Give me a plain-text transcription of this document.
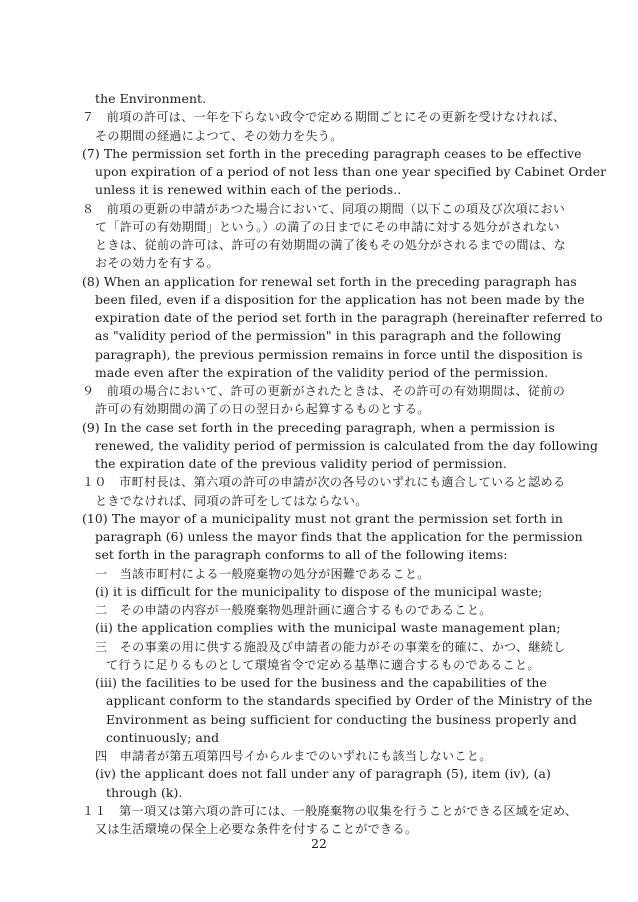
the Environment.
７　前項の許可は、一年を下らない政令で定める期間ごとにその更新を受けなければ、
その期間の経過によつて、その効力を失う。
(7) The permission set forth in the preceding paragraph ceases to be effective
upon expiration of a period of not less than one year specified by Cabinet Order
unless it is renewed within each of the periods..
８　前項の更新の申請があつた場合において、同項の期間（以下この項及び次項におい
て「許可の有効期間」という。）の満了の日までにその申請に対する処分がされない
ときは、従前の許可は、許可の有効期間の満了後もその処分がされるまでの間は、な
おその効力を有する。
(8) When an application for renewal set forth in the preceding paragraph has
been filed, even if a disposition for the application has not been made by the
expiration date of the period set forth in the paragraph (hereinafter referred to
as "validity period of the permission" in this paragraph and the following
paragraph), the previous permission remains in force until the disposition is
made even after the expiration of the validity period of the permission.
９　前項の場合において、許可の更新がされたときは、その許可の有効期間は、従前の
許可の有効期間の満了の日の翌日から起算するものとする。
(9) In the case set forth in the preceding paragraph, when a permission is
renewed, the validity period of permission is calculated from the day following
the expiration date of the previous validity period of permission.
１０　市町村長は、第六項の許可の申請が次の各号のいずれにも適合していると認める
ときでなければ、同項の許可をしてはならない。
(10) The mayor of a municipality must not grant the permission set forth in
paragraph (6) unless the mayor finds that the application for the permission
set forth in the paragraph conforms to all of the following items:
一　当該市町村による一般廃棄物の処分が困難であること。
(i) it is difficult for the municipality to dispose of the municipal waste;
二　その申請の内容が一般廃棄物処理計画に適合するものであること。
(ii) the application complies with the municipal waste management plan;
三　その事業の用に供する施設及び申請者の能力がその事業を的確に、かつ、継続し
て行うに足りるものとして環境省令で定める基準に適合するものであること。
(iii) the facilities to be used for the business and the capabilities of the
applicant conform to the standards specified by Order of the Ministry of the
Environment as being sufficient for conducting the business properly and
continuously; and
四　申請者が第五項第四号イからルまでのいずれにも該当しないこと。
(iv) the applicant does not fall under any of paragraph (5), item (iv), (a)
through (k).
１１　第一項又は第六項の許可には、一般廃棄物の収集を行うことができる区域を定め、
又は生活環境の保全上必要な条件を付することができる。
22
